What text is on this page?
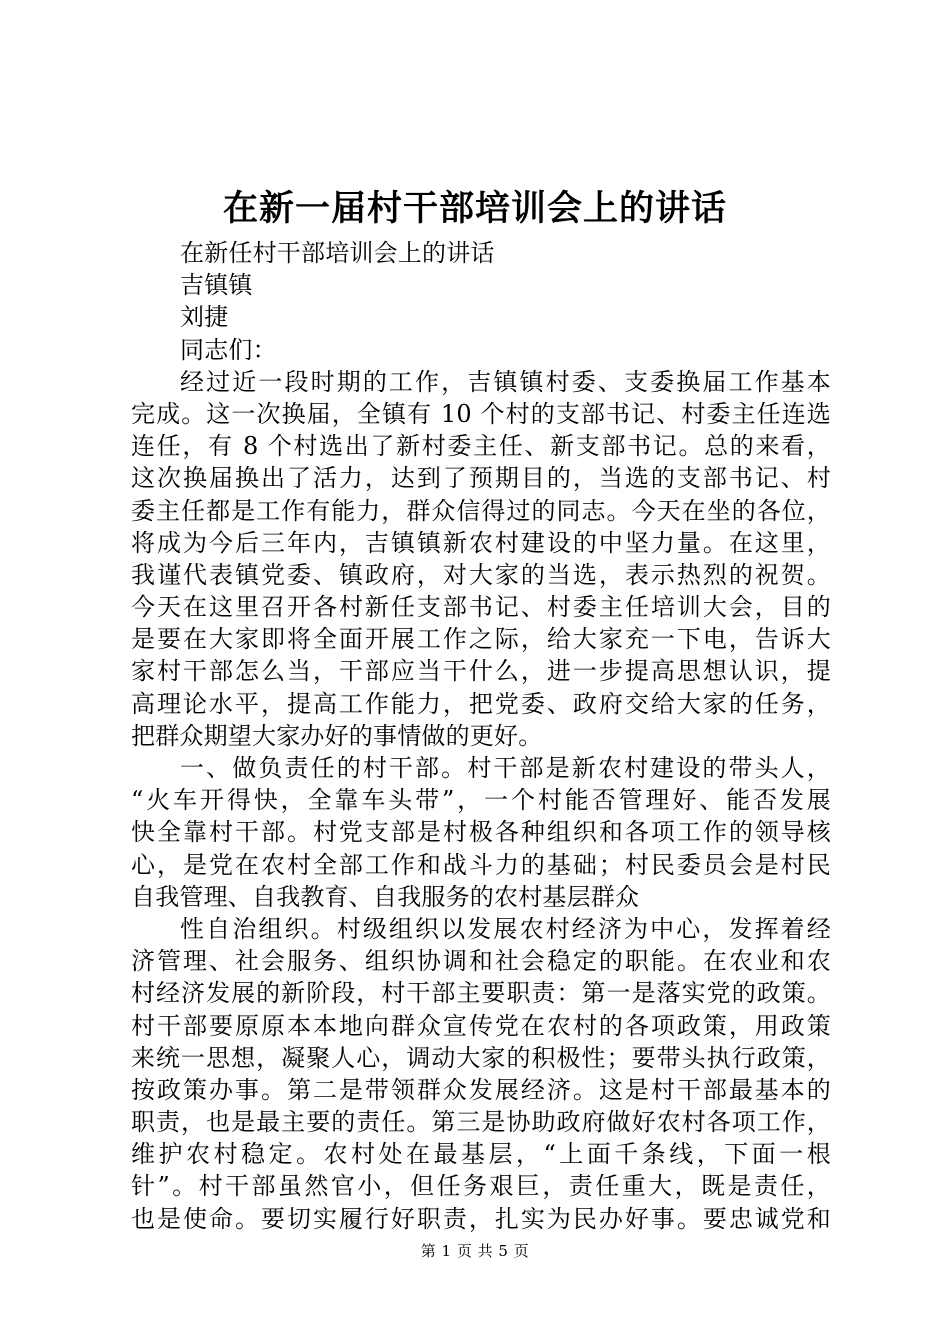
在新一届村干部培训会上的讲话
在新任村干部培训会上的讲话
吉镇镇
刘捷
同志们：
经过近一段时期的工作，吉镇镇村委、支委换届工作基本
完成。这一次换届，全镇有 10 个村的支部书记、村委主任连选
连任，有 8 个村选出了新村委主任、新支部书记。总的来看，
这次换届换出了活力，达到了预期目的，当选的支部书记、村
委主任都是工作有能力，群众信得过的同志。今天在坐的各位，
将成为今后三年内，吉镇镇新农村建设的中坚力量。在这里，
我谨代表镇党委、镇政府，对大家的当选，表示热烈的祝贺。
今天在这里召开各村新任支部书记、村委主任培训大会，目的
是要在大家即将全面开展工作之际，给大家充一下电，告诉大
家村干部怎么当，干部应当干什么，进一步提高思想认识，提
高理论水平，提高工作能力，把党委、政府交给大家的任务，
把群众期望大家办好的事情做的更好。
一、做负责任的村干部。村干部是新农村建设的带头人，
“火车开得快，全靠车头带”，一个村能否管理好、能否发展
快全靠村干部。村党支部是村极各种组织和各项工作的领导核
心，是党在农村全部工作和战斗力的基础；村民委员会是村民
自我管理、自我教育、自我服务的农村基层群众
性自治组织。村级组织以发展农村经济为中心，发挥着经
济管理、社会服务、组织协调和社会稳定的职能。在农业和农
村经济发展的新阶段，村干部主要职责：第一是落实党的政策。
村干部要原原本本地向群众宣传党在农村的各项政策，用政策
来统一思想，凝聚人心，调动大家的积极性；要带头执行政策，
按政策办事。第二是带领群众发展经济。这是村干部最基本的
职责，也是最主要的责任。第三是协助政府做好农村各项工作，
维护农村稳定。农村处在最基层，“上面千条线，下面一根
针”。村干部虽然官小，但任务艰巨，责任重大，既是责任，
也是使命。要切实履行好职责，扎实为民办好事。要忠诚党和
第 1 页 共 5 页
